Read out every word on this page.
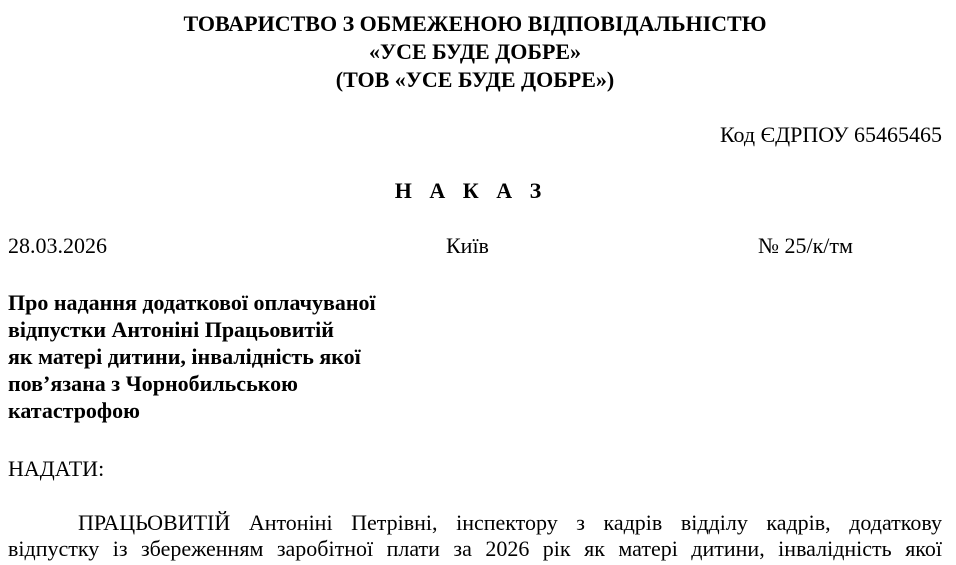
ТОВАРИСТВО З ОБМЕЖЕНОЮ ВІДПОВІДАЛЬНІСТЮ
«УСЕ БУДЕ ДОБРЕ»
(ТОВ «УСЕ БУДЕ ДОБРЕ»)
Код ЄДРПОУ 65465465
Н А К А З
28.03.2026	Київ	№ 25/к/тм
Про надання додаткової оплачуваної
відпустки Антоніні Працьовитій
як матері дитини, інвалідність якої
пов’язана з Чорнобильською
катастрофою
НАДАТИ:
ПРАЦЬОВИТІЙ Антоніні Петрівні, інспектору з кадрів відділу кадрів, додаткову
відпустку із збереженням заробітної плати за 2026 рік як матері дитини, інвалідність якої
